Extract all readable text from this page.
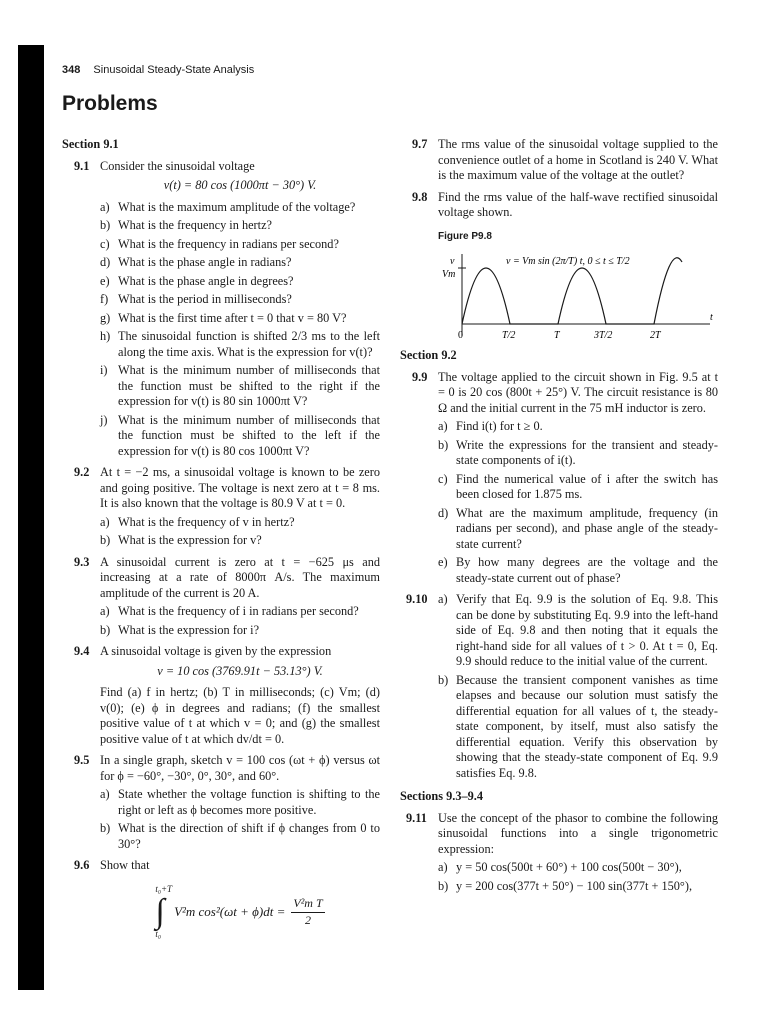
348 Sinusoidal Steady-State Analysis
Problems
Section 9.1
9.1 Consider the sinusoidal voltage
v(t) = 80 cos (1000πt − 30°) V.
a) What is the maximum amplitude of the voltage?
b) What is the frequency in hertz?
c) What is the frequency in radians per second?
d) What is the phase angle in radians?
e) What is the phase angle in degrees?
f) What is the period in milliseconds?
g) What is the first time after t = 0 that v = 80 V?
h) The sinusoidal function is shifted 2/3 ms to the left along the time axis. What is the expression for v(t)?
i) What is the minimum number of milliseconds that the function must be shifted to the right if the expression for v(t) is 80 sin 1000πt V?
j) What is the minimum number of milliseconds that the function must be shifted to the left if the expression for v(t) is 80 cos 1000πt V?
9.2 At t = −2 ms, a sinusoidal voltage is known to be zero and going positive. The voltage is next zero at t = 8 ms. It is also known that the voltage is 80.9 V at t = 0.
a) What is the frequency of v in hertz?
b) What is the expression for v?
9.3 A sinusoidal current is zero at t = −625 μs and increasing at a rate of 8000π A/s. The maximum amplitude of the current is 20 A.
a) What is the frequency of i in radians per second?
b) What is the expression for i?
9.4 A sinusoidal voltage is given by the expression
v = 10 cos (3769.91t − 53.13°) V.
Find (a) f in hertz; (b) T in milliseconds; (c) Vm; (d) v(0); (e) ϕ in degrees and radians; (f) the smallest positive value of t at which v = 0; and (g) the smallest positive value of t at which dv/dt = 0.
9.5 In a single graph, sketch v = 100 cos (ωt + ϕ) versus ωt for ϕ = −60°, −30°, 0°, 30°, and 60°.
a) State whether the voltage function is shifting to the right or left as ϕ becomes more positive.
b) What is the direction of shift if ϕ changes from 0 to 30°?
9.6 Show that
t₀+T
∫
t₀
V²m $\cos^2(\omega t + \phi)dt = \frac{\text{V²m T}}{2}$
9.7 The rms value of the sinusoidal voltage supplied to the convenience outlet of a home in Scotland is 240 V. What is the maximum value of the voltage at the outlet?
9.8 Find the rms value of the half-wave rectified sinusoidal voltage shown.
Figure P9.8
v
Vm
v = Vm sin (2π/T) t, 0 ≤ t ≤ T/2
t
0	T/2	T	3T/2	2T
Section 9.2
9.9 The voltage applied to the circuit shown in Fig. 9.5 at t = 0 is 20 cos (800t + 25°) V. The circuit resistance is 80 Ω and the initial current in the 75 mH inductor is zero.
a) Find i(t) for t ≥ 0.
b) Write the expressions for the transient and steady-state components of i(t).
c) Find the numerical value of i after the switch has been closed for 1.875 ms.
d) What are the maximum amplitude, frequency (in radians per second), and phase angle of the steady-state current?
e) By how many degrees are the voltage and the steady-state current out of phase?
9.10 a) Verify that Eq. 9.9 is the solution of Eq. 9.8. This can be done by substituting Eq. 9.9 into the left-hand side of Eq. 9.8 and then noting that it equals the right-hand side for all values of t > 0. At t = 0, Eq. 9.9 should reduce to the initial value of the current.
b) Because the transient component vanishes as time elapses and because our solution must satisfy the differential equation for all values of t, the steady-state component, by itself, must also satisfy the differential equation. Verify this observation by showing that the steady-state component of Eq. 9.9 satisfies Eq. 9.8.
Sections 9.3–9.4
9.11 Use the concept of the phasor to combine the following sinusoidal functions into a single trigonometric expression:
a) y = 50 cos(500t + 60°) + 100 cos(500t − 30°),
b) y = 200 cos(377t + 50°) − 100 sin(377t + 150°),
